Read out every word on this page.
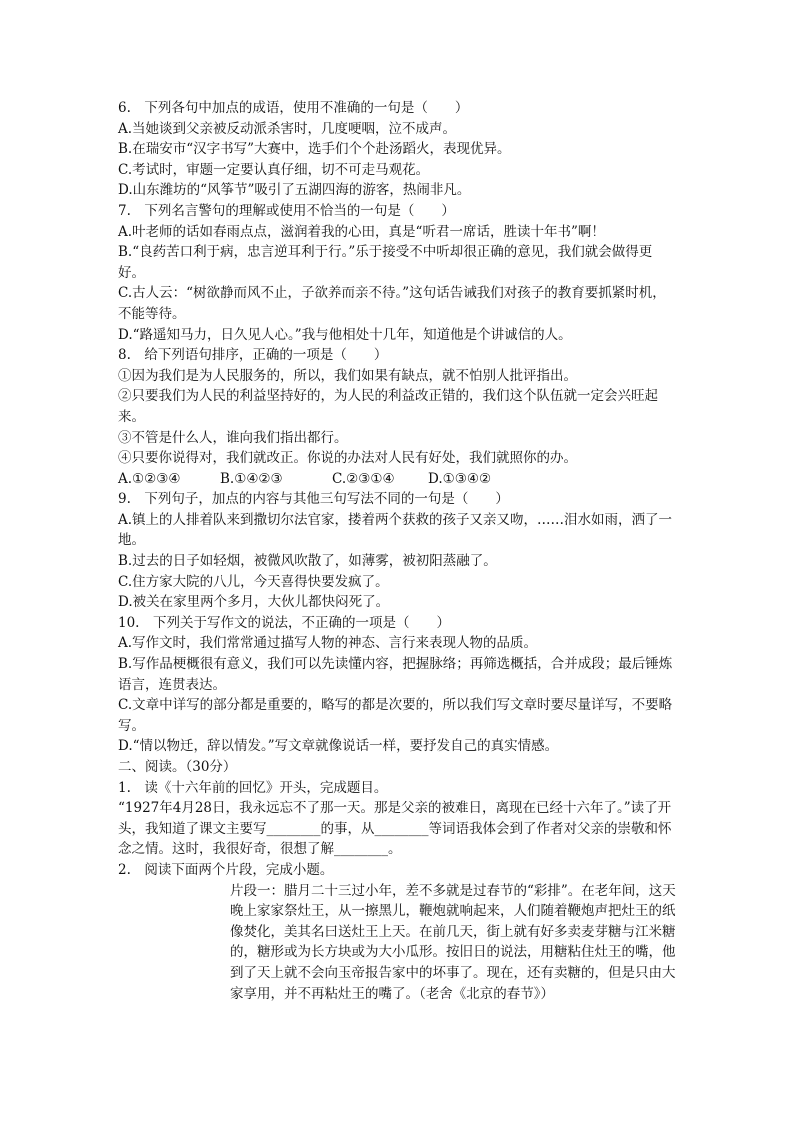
6.　下列各句中加点的成语，使用不准确的一句是（　　）
A.当她谈到父亲被反动派杀害时，几度哽咽，泣不成声。
B.在瑞安市“汉字书写”大赛中，选手们个个赴汤蹈火，表现优异。
C.考试时，审题一定要认真仔细，切不可走马观花。
D.山东潍坊的“风筝节”吸引了五湖四海的游客，热闹非凡。
7.　下列名言警句的理解或使用不恰当的一句是（　　）
A.叶老师的话如春雨点点，滋润着我的心田，真是“听君一席话，胜读十年书”啊！
B.“良药苦口利于病，忠言逆耳利于行。”乐于接受不中听却很正确的意见，我们就会做得更好。
C.古人云：“树欲静而风不止，子欲养而亲不待。”这句话告诫我们对孩子的教育要抓紧时机，不能等待。
D.“路遥知马力，日久见人心。”我与他相处十几年，知道他是个讲诚信的人。
8.　给下列语句排序，正确的一项是（　　）
①因为我们是为人民服务的，所以，我们如果有缺点，就不怕别人批评指出。
②只要我们为人民的利益坚持好的，为人民的利益改正错的，我们这个队伍就一定会兴旺起来。
③不管是什么人，谁向我们指出都行。
④只要你说得对，我们就改正。你说的办法对人民有好处，我们就照你的办。
A.①②③④	B.①④②③	C.②③①④	D.①③④②
9.　下列句子，加点的内容与其他三句写法不同的一句是（　　）
A.镇上的人排着队来到撒切尔法官家，搂着两个获救的孩子又亲又吻，……泪水如雨，洒了一地。
B.过去的日子如轻烟，被微风吹散了，如薄雾，被初阳蒸融了。
C.住方家大院的八儿，今天喜得快要发疯了。
D.被关在家里两个多月，大伙儿都快闷死了。
10.　下列关于写作文的说法，不正确的一项是（　　）
A.写作文时，我们常常通过描写人物的神态、言行来表现人物的品质。
B.写作品梗概很有意义，我们可以先读懂内容，把握脉络；再筛选概括，合并成段；最后锤炼语言，连贯表达。
C.文章中详写的部分都是重要的，略写的都是次要的，所以我们写文章时要尽量详写，不要略写。
D.“情以物迁，辞以情发。”写文章就像说话一样，要抒发自己的真实情感。
二、阅读。（30分）
1.　读《十六年前的回忆》开头，完成题目。
“1927年4月28日，我永远忘不了那一天。那是父亲的被难日，离现在已经十六年了。”读了开头，我知道了课文主要写________的事，从________等词语我体会到了作者对父亲的崇敬和怀念之情。这时，我很好奇，很想了解________。
2.　阅读下面两个片段，完成小题。
片段一：腊月二十三过小年，差不多就是过春节的“彩排”。在老年间，这天晚上家家祭灶王，从一擦黑儿，鞭炮就响起来，人们随着鞭炮声把灶王的纸像焚化，美其名曰送灶王上天。在前几天，街上就有好多卖麦芽糖与江米糖的，糖形或为长方块或为大小瓜形。按旧日的说法，用糖粘住灶王的嘴，他到了天上就不会向玉帝报告家中的坏事了。现在，还有卖糖的，但是只由大家享用，并不再粘灶王的嘴了。（老舍《北京的春节》）
